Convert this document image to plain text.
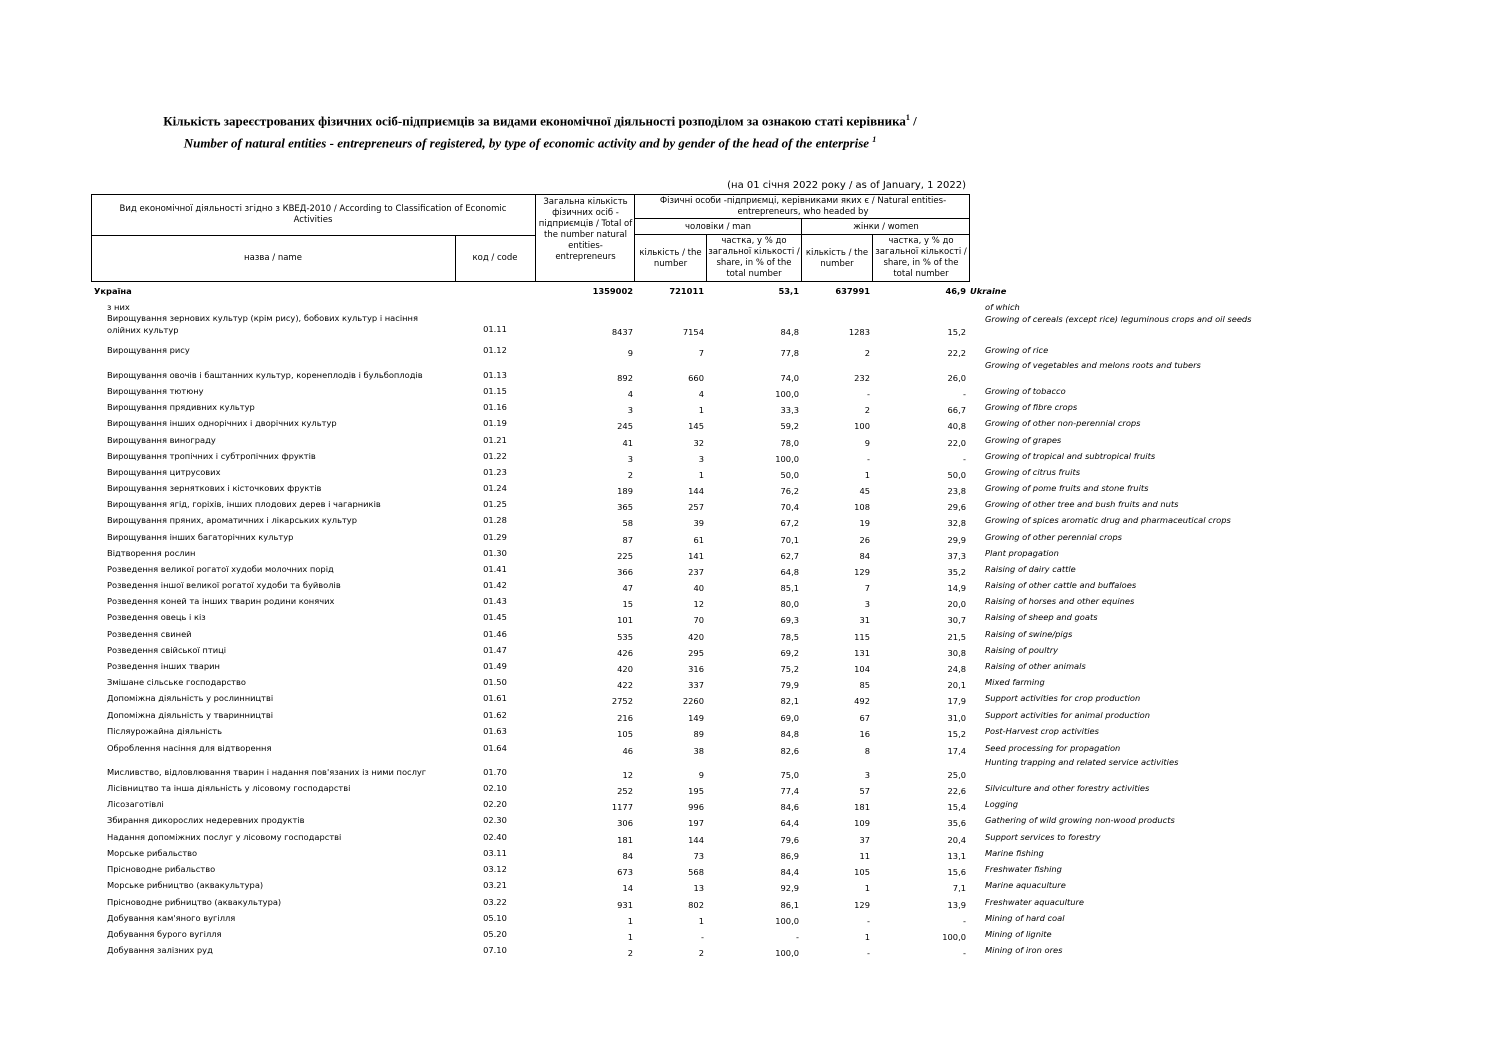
Кількість зареєстрованих фізичних осіб-підприємців за видами економічної діяльності розподілом за ознакою статі керівника$^1$ /
Number of natural entities - entrepreneurs of registered, by type of economic activity and by gender of the head of the enterprise $^1$
(на 01 січня 2022 року / as of January, 1 2022)
Вид економічної діяльності згідно з КВЕД-2010 / According to Classification of Economic Activities
назва / name	код / code
Загальна кількість фізичних осіб - підприємців / Total of the number natural entities-entrepreneurs
Фізичні особи -підприємці, керівниками яких є / Natural entities-entrepreneurs, who headed by
чоловіки / man	жінки / women
кількість / the number
частка, у % до загальної кількості / share, in % of the total number
кількість / the number
частка, у % до загальної кількості / share, in % of the total number
Україна	1359002	721011	53,1	637991	46,9 Ukraine
з них	of which
Вирощування зернових культур (крім рису), бобових культур і насіння олійних культур	01.11	8437	7154	84,8	1283	15,2
Growing of cereals (except rice) leguminous crops and oil seeds
Вирощування рису	01.12	9	7	77,8	2	22,2 Growing of rice
Вирощування овочів і баштанних культур, коренеплодів і бульбоплодів	01.13	892	660	74,0	232	26,0
Growing of vegetables and melons roots and tubers
Вирощування тютюну	01.15	4	4	100,0	-	- Growing of tobacco
Вирощування прядивних культур	01.16	3	1	33,3	2	66,7 Growing of fibre crops
Вирощування інших однорічних і дворічних культур	01.19	245	145	59,2	100	40,8 Growing of other non-perennial crops
Вирощування винограду	01.21	41	32	78,0	9	22,0 Growing of grapes
Вирощування тропічних і субтропічних фруктів	01.22	3	3	100,0	-	- Growing of tropical and subtropical fruits
Вирощування цитрусових	01.23	2	1	50,0	1	50,0 Growing of citrus fruits
Вирощування зерняткових і кісточкових фруктів	01.24	189	144	76,2	45	23,8 Growing of pome fruits and stone fruits
Вирощування ягід, горіхів, інших плодових дерев і чагарників	01.25	365	257	70,4	108	29,6 Growing of other tree and bush fruits and nuts
Вирощування пряних, ароматичних і лікарських культур	01.28	58	39	67,2	19	32,8 Growing of spices aromatic drug and pharmaceutical crops
Вирощування інших багаторічних культур	01.29	87	61	70,1	26	29,9 Growing of other perennial crops
Відтворення рослин	01.30	225	141	62,7	84	37,3 Plant propagation
Розведення великої рогатої худоби молочних порід	01.41	366	237	64,8	129	35,2 Raising of dairy cattle
Розведення іншої великої рогатої худоби та буйволів	01.42	47	40	85,1	7	14,9 Raising of other cattle and buffaloes
Розведення коней та інших тварин родини конячих	01.43	15	12	80,0	3	20,0 Raising of horses and other equines
Розведення овець і кіз	01.45	101	70	69,3	31	30,7 Raising of sheep and goats
Розведення свиней	01.46	535	420	78,5	115	21,5 Raising of swine/pigs
Розведення свійської птиці	01.47	426	295	69,2	131	30,8 Raising of poultry
Розведення інших тварин	01.49	420	316	75,2	104	24,8 Raising of other animals
Змішане сільське господарство	01.50	422	337	79,9	85	20,1 Mixed farming
Допоміжна діяльність у рослинництві	01.61	2752	2260	82,1	492	17,9 Support activities for crop production
Допоміжна діяльність у тваринництві	01.62	216	149	69,0	67	31,0 Support activities for animal production
Післяурожайна діяльність	01.63	105	89	84,8	16	15,2 Post-Harvest crop activities
Оброблення насіння для відтворення	01.64	46	38	82,6	8	17,4 Seed processing for propagation
Мисливство, відловлювання тварин і надання пов'язаних із ними послуг	01.70	12	9	75,0	3	25,0
Hunting trapping and related service activities
Лісівництво та інша діяльність у лісовому господарстві	02.10	252	195	77,4	57	22,6 Silviculture and other forestry activities
Лісозаготівлі	02.20	1177	996	84,6	181	15,4 Logging
Збирання дикорослих недеревних продуктів	02.30	306	197	64,4	109	35,6 Gathering of wild growing non-wood products
Надання допоміжних послуг у лісовому господарстві	02.40	181	144	79,6	37	20,4 Support services to forestry
Морське рибальство	03.11	84	73	86,9	11	13,1 Marine fishing
Прісноводне рибальство	03.12	673	568	84,4	105	15,6 Freshwater fishing
Морське рибництво (аквакультура)	03.21	14	13	92,9	1	7,1 Marine aquaculture
Прісноводне рибництво (аквакультура)	03.22	931	802	86,1	129	13,9 Freshwater aquaculture
Добування кам'яного вугілля	05.10	1	1	100,0	-	- Mining of hard coal
Добування бурого вугілля	05.20	1	-	-	1	100,0 Mining of lignite
Добування залізних руд	07.10	2	2	100,0	-	- Mining of iron ores
